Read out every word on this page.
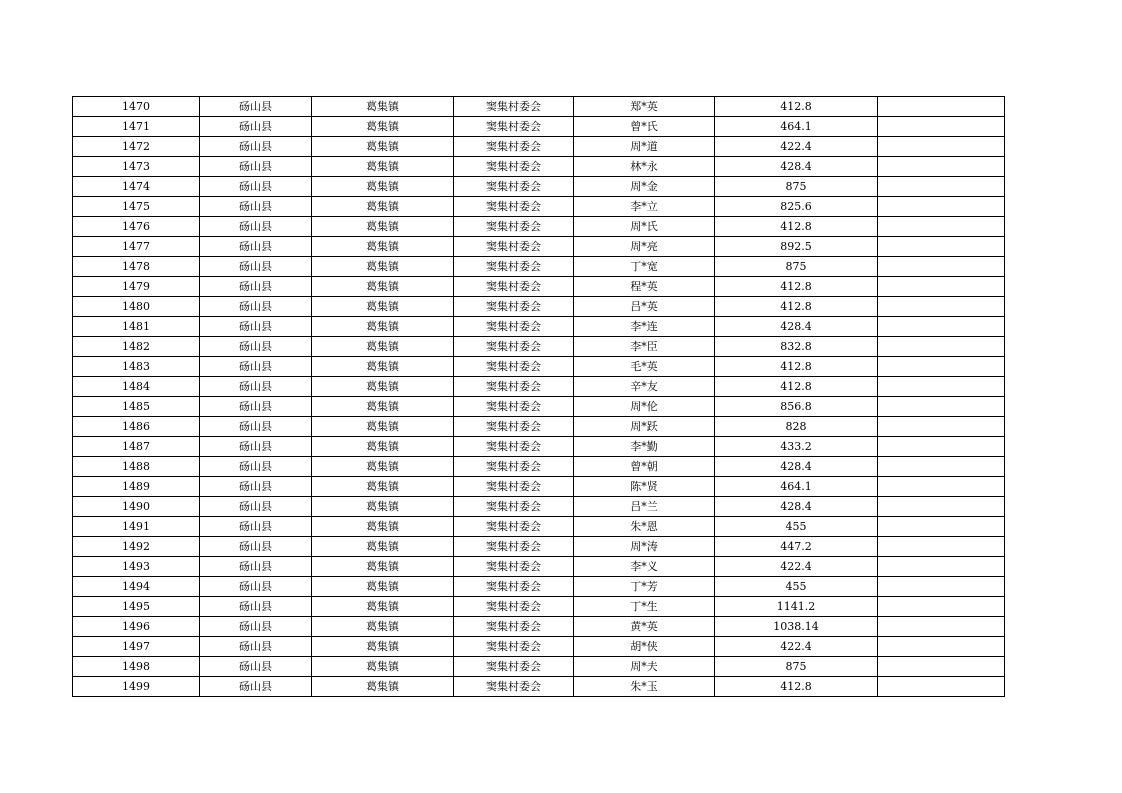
1470	砀山县	葛集镇	窦集村委会	郑*英	412.8	
1471	砀山县	葛集镇	窦集村委会	曾*氏	464.1	
1472	砀山县	葛集镇	窦集村委会	周*道	422.4	
1473	砀山县	葛集镇	窦集村委会	林*永	428.4	
1474	砀山县	葛集镇	窦集村委会	周*金	875	
1475	砀山县	葛集镇	窦集村委会	李*立	825.6	
1476	砀山县	葛集镇	窦集村委会	周*氏	412.8	
1477	砀山县	葛集镇	窦集村委会	周*亮	892.5	
1478	砀山县	葛集镇	窦集村委会	丁*宽	875	
1479	砀山县	葛集镇	窦集村委会	程*英	412.8	
1480	砀山县	葛集镇	窦集村委会	吕*英	412.8	
1481	砀山县	葛集镇	窦集村委会	李*连	428.4	
1482	砀山县	葛集镇	窦集村委会	李*臣	832.8	
1483	砀山县	葛集镇	窦集村委会	毛*英	412.8	
1484	砀山县	葛集镇	窦集村委会	辛*友	412.8	
1485	砀山县	葛集镇	窦集村委会	周*伦	856.8	
1486	砀山县	葛集镇	窦集村委会	周*跃	828	
1487	砀山县	葛集镇	窦集村委会	李*勤	433.2	
1488	砀山县	葛集镇	窦集村委会	曾*朝	428.4	
1489	砀山县	葛集镇	窦集村委会	陈*贤	464.1	
1490	砀山县	葛集镇	窦集村委会	吕*兰	428.4	
1491	砀山县	葛集镇	窦集村委会	朱*恩	455	
1492	砀山县	葛集镇	窦集村委会	周*涛	447.2	
1493	砀山县	葛集镇	窦集村委会	李*义	422.4	
1494	砀山县	葛集镇	窦集村委会	丁*芳	455	
1495	砀山县	葛集镇	窦集村委会	丁*生	1141.2	
1496	砀山县	葛集镇	窦集村委会	黄*英	1038.14	
1497	砀山县	葛集镇	窦集村委会	胡*侠	422.4	
1498	砀山县	葛集镇	窦集村委会	周*夫	875	
1499	砀山县	葛集镇	窦集村委会	朱*玉	412.8	
